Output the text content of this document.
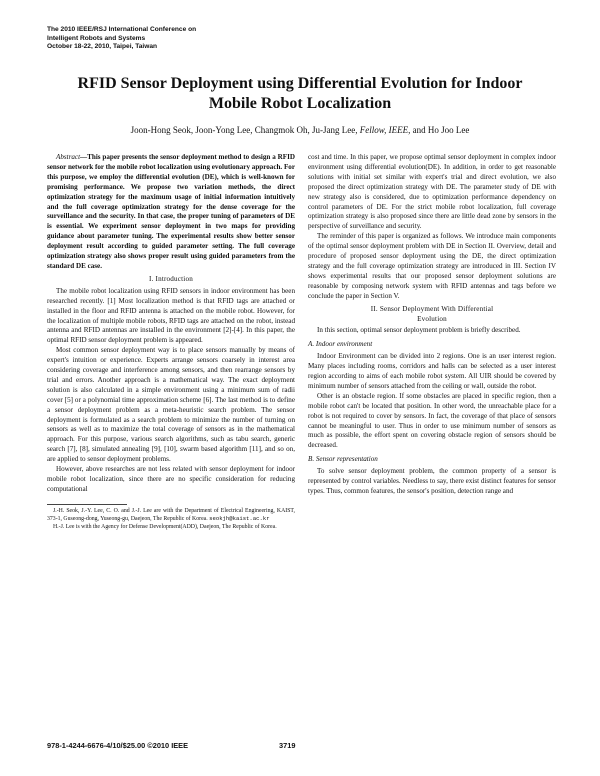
The 2010 IEEE/RSJ International Conference on
Intelligent Robots and Systems
October 18-22, 2010, Taipei, Taiwan
RFID Sensor Deployment using Differential Evolution for Indoor
Mobile Robot Localization
Joon-Hong Seok, Joon-Yong Lee, Changmok Oh, Ju-Jang Lee, Fellow, IEEE, and Ho Joo Lee

Abstract—This paper presents the sensor deployment method to design a RFID sensor network for the mobile robot localization using evolutionary approach. For this purpose, we employ the differential evolution (DE), which is well-known for promising performance. We propose two variation methods, the direct optimization strategy for the maximum usage of initial information intuitively and the full coverage optimization strategy for the dense coverage for the surveillance and the security. In that case, the proper tuning of parameters of DE is essential. We experiment sensor deployment in two maps for providing guidance about parameter tuning. The experimental results show better sensor deployment result according to guided parameter setting. The full coverage optimization strategy also shows proper result using guided parameters from the standard DE case.

I. Introduction

The mobile robot localization using RFID sensors in indoor environment has been researched recently. [1] Most localization method is that RFID tags are attached or installed in the floor and RFID antenna is attached on the mobile robot. However, for the localization of multiple mobile robots, RFID tags are attached on the robot, instead antenna and RFID antennas are installed in the environment [2]-[4]. In this paper, the optimal RFID sensor deployment problem is appeared.

Most common sensor deployment way is to place sensors manually by means of expert's intuition or experience. Experts arrange sensors coarsely in interest area considering coverage and interference among sensors, and then rearrange sensors by trial and errors. Another approach is a mathematical way. The exact deployment solution is also calculated in a simple environment using a minimum sum of radii cover [5] or a polynomial time approximation scheme [6]. The last method is to define a sensor deployment problem as a meta-heuristic search problem. The sensor deployment is formulated as a search problem to minimize the number of turning on sensors as well as to maximize the total coverage of sensors as in the mathematical approach. For this purpose, various search algorithms, such as tabu search, generic search [7], [8], simulated annealing [9], [10], swarm based algorithm [11], and so on, are applied to sensor deployment problems.

However, above researches are not less related with sensor deployment for indoor mobile robot localization, since there are no specific consideration for reducing computational

J.-H. Seok, J.-Y. Lee, C. O. and J.-J. Lee are with the Department of Electrical Engineering, KAIST, 373-1, Guseong-dong, Yuseong-gu, Daejeon, The Republic of Korea. seokjh@kaist.ac.kr

H.-J. Lee is with the Agency for Defense Development(ADD), Daejeon, The Republic of Korea.

cost and time. In this paper, we propose optimal sensor deployment in complex indoor environment using differential evolution(DE). In addition, in order to get reasonable solutions with initial set similar with expert's trial and direct evolution, we also proposed the direct optimization strategy with DE. The parameter study of DE with new strategy also is considered, due to optimization performance dependency on control parameters of DE. For the strict mobile robot localization, full coverage optimization strategy is also proposed since there are little dead zone by sensors in the perspective of surveillance and security.

The reminder of this paper is organized as follows. We introduce main components of the optimal sensor deployment problem with DE in Section II. Overview, detail and procedure of proposed sensor deployment using the DE, the direct optimization strategy and the full coverage optimization strategy are introduced in III. Section IV shows experimental results that our proposed sensor deployment solutions are reasonable by composing network system with RFID antennas and tags before we conclude the paper in Section V.

II. Sensor Deployment With Differential
Evolution

In this section, optimal sensor deployment problem is briefly described.

A. Indoor environment

Indoor Environment can be divided into 2 regions. One is an user interest region. Many places including rooms, corridors and halls can be selected as a user interest region according to aims of each mobile robot system. All UIR should be covered by minimum number of sensors attached from the ceiling or wall, outside the robot.

Other is an obstacle region. If some obstacles are placed in specific region, then a mobile robot can't be located that position. In other word, the unreachable place for a robot is not required to cover by sensors. In fact, the coverage of that place of sensors cannot be meaningful to user. Thus in order to use minimum number of sensors as much as possible, the effort spent on covering obstacle region of sensors should be decreased.

B. Sensor representation

To solve sensor deployment problem, the common property of a sensor is represented by control variables. Needless to say, there exist distinct features for sensor types. Thus, common features, the sensor's position, detection range and

978-1-4244-6676-4/10/$25.00 ©2010 IEEE	3719
